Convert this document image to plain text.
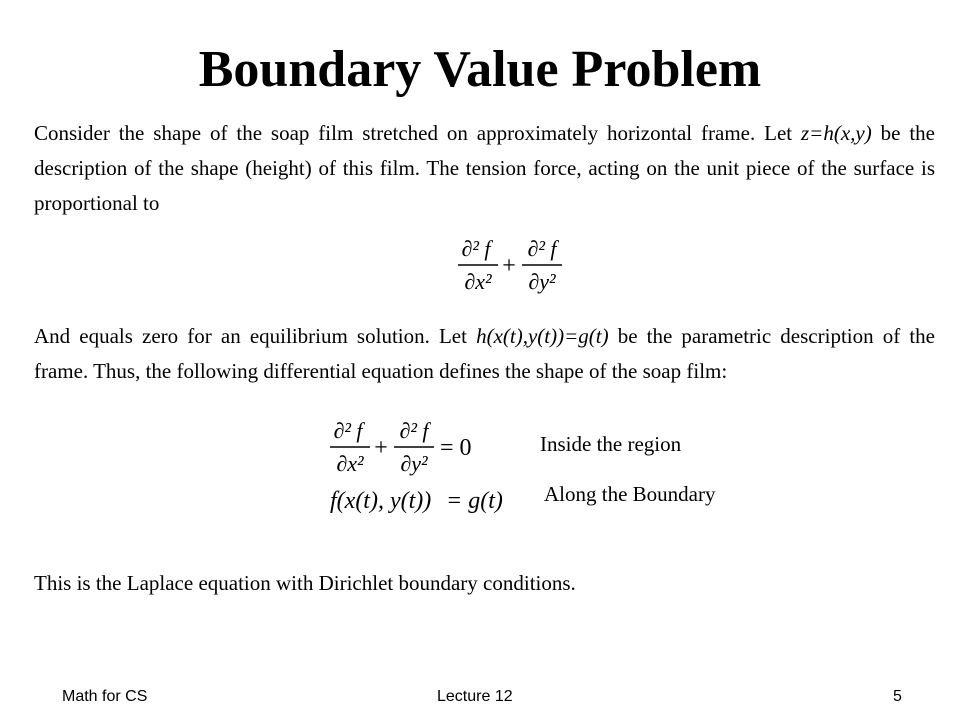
Boundary Value Problem
Consider the shape of the soap film stretched on approximately horizontal frame. Let z=h(x,y) be the description of the shape (height) of this film. The tension force, acting on the unit piece of the surface is proportional to
∂² f
∂x²
+
∂² f
∂y²
And equals zero for an equilibrium solution. Let h(x(t),y(t))=g(t) be the parametric description of the frame. Thus, the following differential equation defines the shape of the soap film:
∂² f
∂x²
+
∂² f
∂y²
= 0	Inside the region
f(x(t), y(t)) = g(t) Along the Boundary
This is the Laplace equation with Dirichlet boundary conditions.
Math for CS	Lecture 12	5
